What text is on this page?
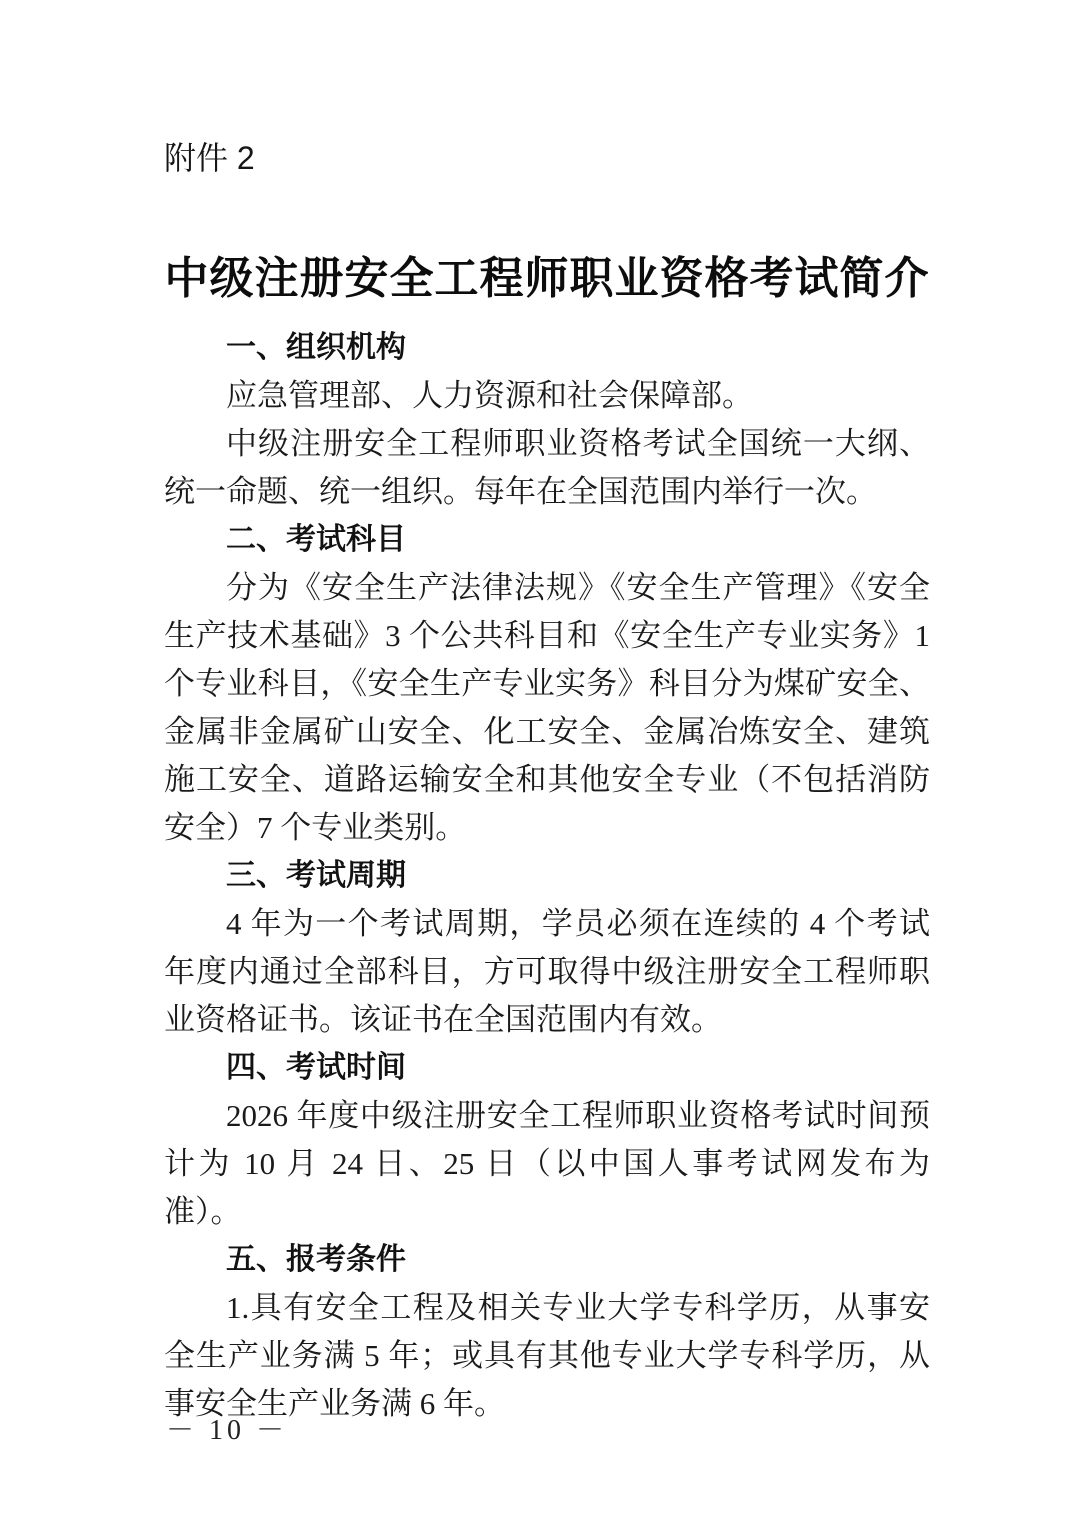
附件 2
中级注册安全工程师职业资格考试简介
一、组织机构

应急管理部、人力资源和社会保障部。

中级注册安全工程师职业资格考试全国统一大纲、统一命题、统一组织。每年在全国范围内举行一次。

二、考试科目

分为《安全生产法律法规》《安全生产管理》《安全生产技术基础》3 个公共科目和《安全生产专业实务》1 个专业科目，《安全生产专业实务》科目分为煤矿安全、金属非金属矿山安全、化工安全、金属冶炼安全、建筑施工安全、道路运输安全和其他安全专业（不包括消防安全）7 个专业类别。

三、考试周期

4 年为一个考试周期，学员必须在连续的 4 个考试年度内通过全部科目，方可取得中级注册安全工程师职业资格证书。该证书在全国范围内有效。

四、考试时间

2026 年度中级注册安全工程师职业资格考试时间预计为 10 月 24 日、25 日（以中国人事考试网发布为准）。

五、报考条件

1.具有安全工程及相关专业大学专科学历，从事安全生产业务满 5 年；或具有其他专业大学专科学历，从事安全生产业务满 6 年。

－ 10 －
